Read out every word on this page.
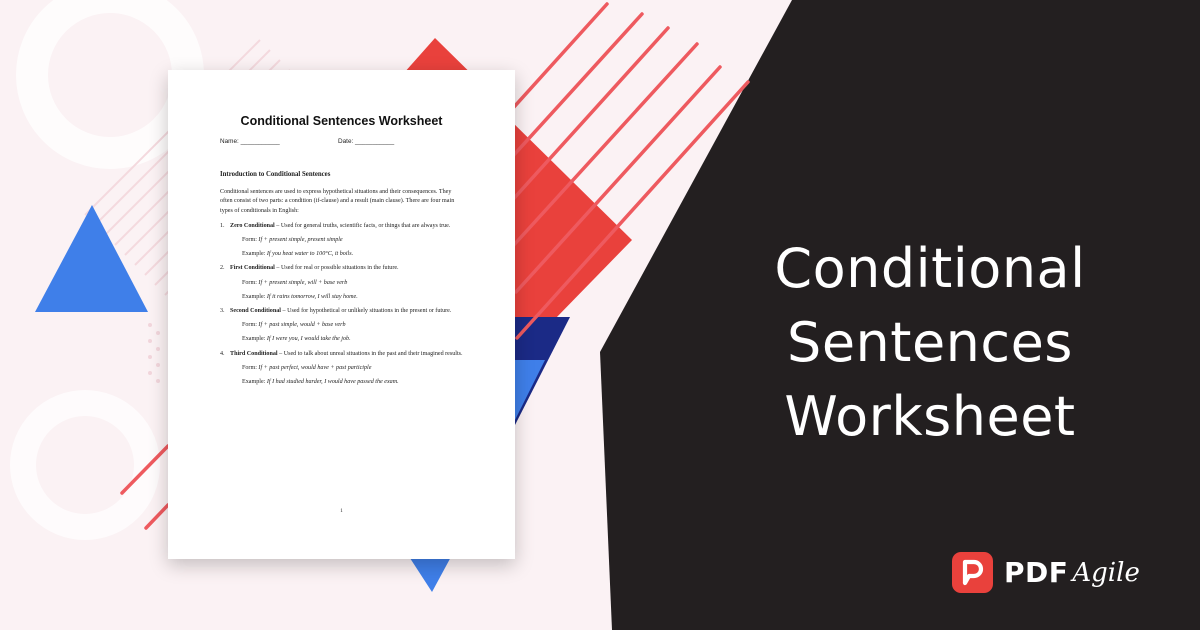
Conditional Sentences Worksheet
Name: ___________	Date: ___________
Introduction to Conditional Sentences
Conditional sentences are used to express hypothetical situations and their consequences. They often consist of two parts: a condition (if-clause) and a result (main clause). There are four main types of conditionals in English:
1. Zero Conditional – Used for general truths, scientific facts, or things that are always true.
Form: If + present simple, present simple
Example: If you heat water to 100°C, it boils.
2. First Conditional – Used for real or possible situations in the future.
Form: If + present simple, will + base verb
Example: If it rains tomorrow, I will stay home.
3. Second Conditional – Used for hypothetical or unlikely situations in the present or future.
Form: If + past simple, would + base verb
Example: If I were you, I would take the job.
4. Third Conditional – Used to talk about unreal situations in the past and their imagined results.
Form: If + past perfect, would have + past participle
Example: If I had studied harder, I would have passed the exam.
1
Conditional
Sentences
Worksheet
PDF Agile
